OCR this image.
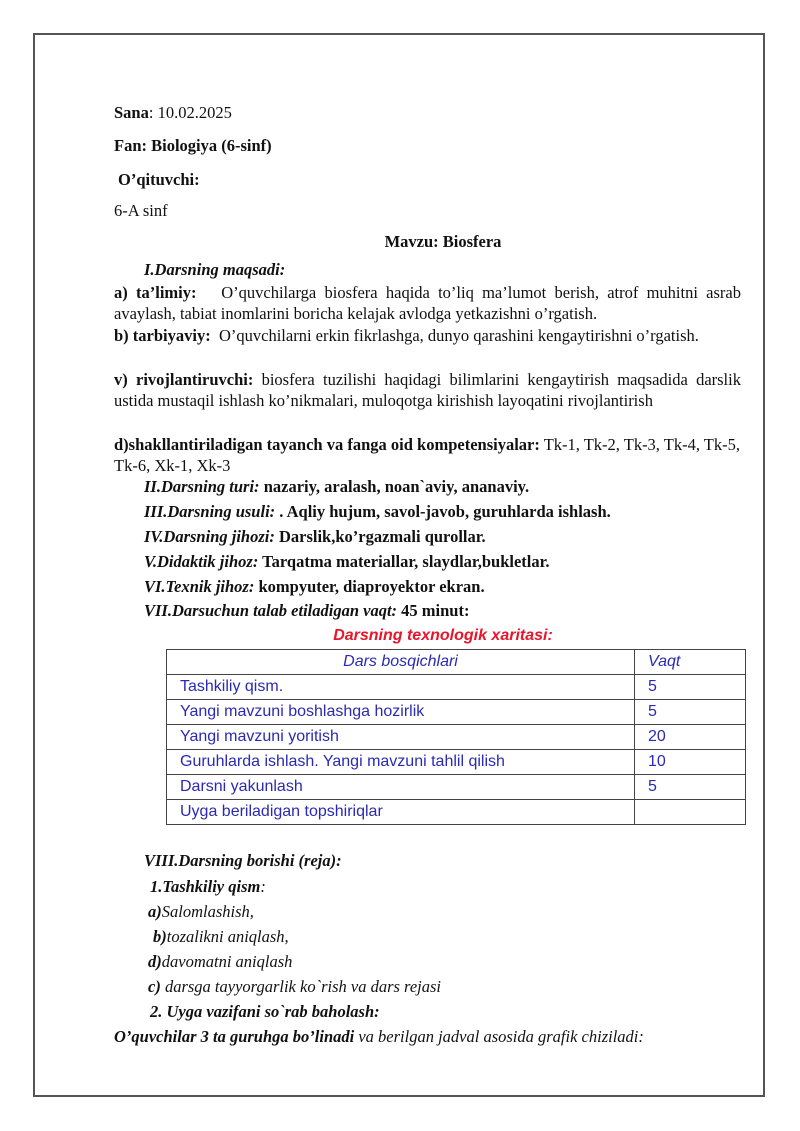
Sana: 10.02.2025
Fan: Biologiya (6-sinf)
O’qituvchi:
6-A sinf
Mavzu: Biosfera
I.Darsning maqsadi:
a) ta’limiy: O’quvchilarga biosfera haqida to’liq ma’lumot berish, atrof muhitni asrab avaylash, tabiat inomlarini boricha kelajak avlodga yetkazishni o’rgatish.
b) tarbiyaviy: O’quvchilarni erkin fikrlashga, dunyo qarashini kengaytirishni o’rgatish.
v) rivojlantiruvchi: biosfera tuzilishi haqidagi bilimlarini kengaytirish maqsadida darslik ustida mustaqil ishlash ko’nikmalari, muloqotga kirishish layoqatini rivojlantirish
d)shakllantiriladigan tayanch va fanga oid kompetensiyalar: Tk-1, Tk-2, Tk-3, Tk-4, Tk-5, Tk-6, Xk-1, Xk-3
II.Darsning turi: nazariy, aralash, noan`aviy, ananaviy.
III.Darsning usuli: . Aqliy hujum, savol-javob, guruhlarda ishlash.
IV.Darsning jihozi: Darslik,ko’rgazmali qurollar.
V.Didaktik jihoz: Tarqatma materiallar, slaydlar,bukletlar.
VI.Texnik jihoz: kompyuter, diaproyektor ekran.
VII.Darsuchun talab etiladigan vaqt: 45 minut:
Darsning texnologik xaritasi:
Dars bosqichlari	Vaqt
Tashkiliy qism.	5
Yangi mavzuni boshlashga hozirlik	5
Yangi mavzuni yoritish	20
Guruhlarda ishlash. Yangi mavzuni tahlil qilish	10
Darsni yakunlash	5
Uyga beriladigan topshiriqlar	
VIII.Darsning borishi (reja):
1.Tashkiliy qism:
a)Salomlashish,
b)tozalikni aniqlash,
d)davomatni aniqlash
c) darsga tayyorgarlik ko`rish va dars rejasi
2. Uyga vazifani so`rab baholash:
O’quvchilar 3 ta guruhga bo’linadi va berilgan jadval asosida grafik chiziladi:
